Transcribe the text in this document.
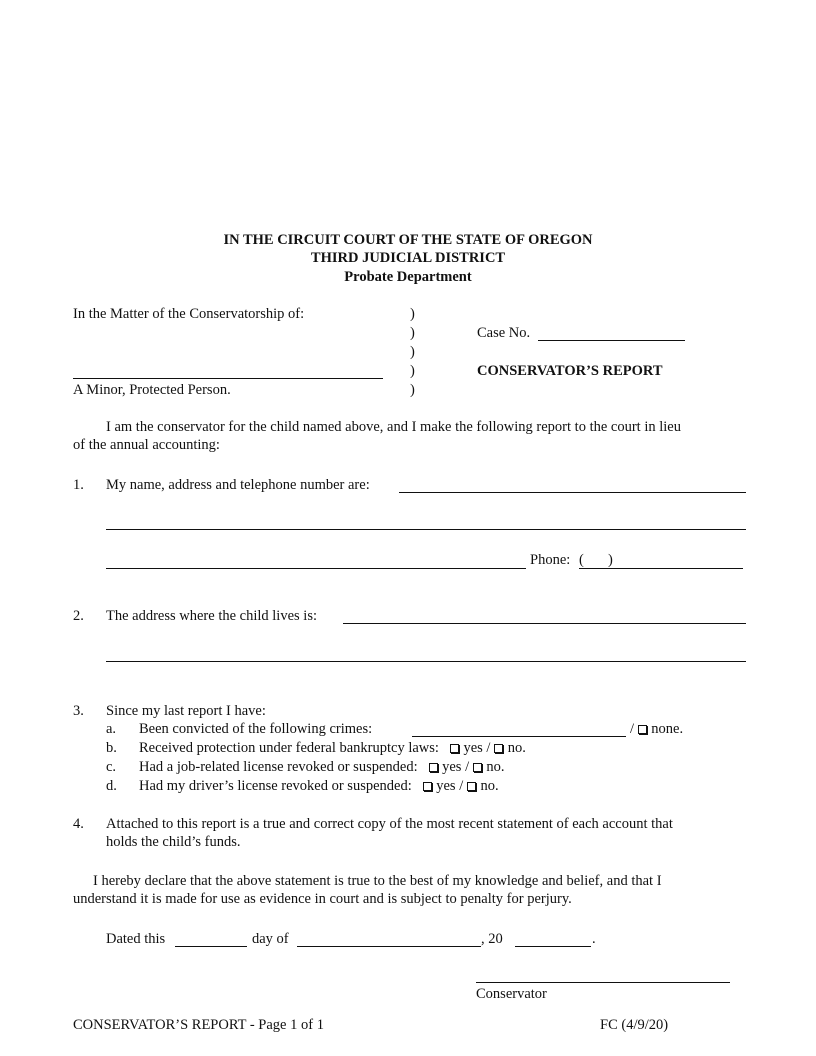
IN THE CIRCUIT COURT OF THE STATE OF OREGON
THIRD JUDICIAL DISTRICT
Probate Department
In the Matter of the Conservatorship of:	)
)
)
)
)
Case No.
CONSERVATOR’S REPORT
A Minor, Protected Person.
I am the conservator for the child named above, and I make the following report to the court in lieu
of the annual accounting:
1. My name, address and telephone number are:
Phone: ( )
2. The address where the child lives is:
3. Since my last report I have:
a. Been convicted of the following crimes:	/  none.
b. Received protection under federal bankruptcy laws: yes / no.
c. Had a job-related license revoked or suspended: yes / no.
d. Had my driver’s license revoked or suspended: yes / no.
4. Attached to this report is a true and correct copy of the most recent statement of each account that
holds the child’s funds.
I hereby declare that the above statement is true to the best of my knowledge and belief, and that I
understand it is made for use as evidence in court and is subject to penalty for perjury.
Dated this	day of	, 20	.
Conservator
CONSERVATOR’S REPORT - Page 1 of 1	FC (4/9/20)
